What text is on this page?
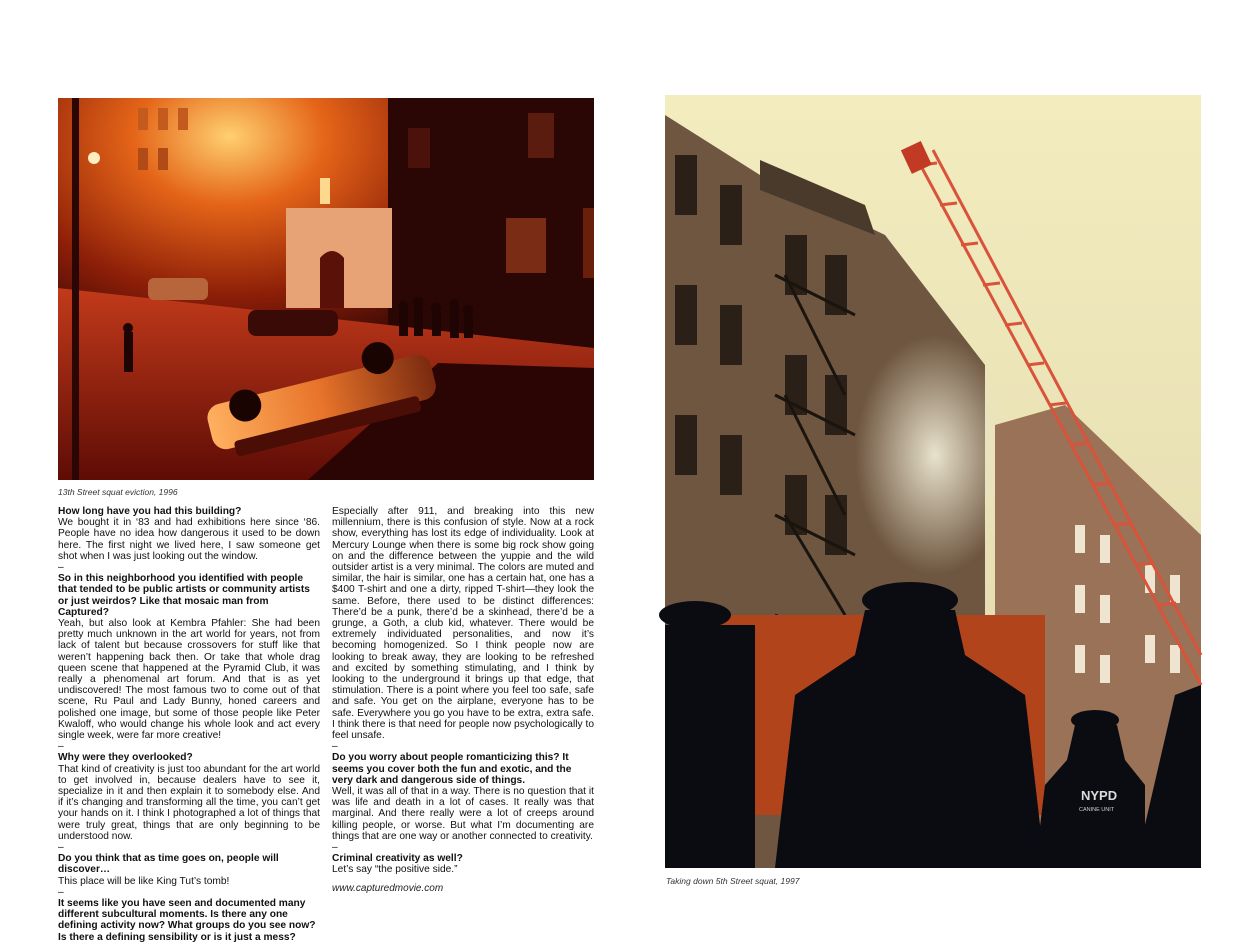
13th Street squat eviction, 1996
NYPD
CANINE UNIT
Taking down 5th Street squat, 1997

How long have you had this building?

We bought it in ‘83 and had exhibitions here since ‘86. People have no idea how dangerous it used to be down here. The first night we lived here, I saw someone get shot when I was just looking out the window.

–

So in this neighborhood you identified with people that tended to be public artists or community artists or just weirdos? Like that mosaic man from Captured?

Yeah, but also look at Kembra Pfahler: She had been pretty much unknown in the art world for years, not from lack of talent but because crossovers for stuff like that weren’t happening back then. Or take that whole drag queen scene that happened at the Pyramid Club, it was really a phenomenal art forum. And that is as yet undiscovered! The most famous two to come out of that scene, Ru Paul and Lady Bunny, honed careers and polished one image, but some of those people like Peter Kwaloff, who would change his whole look and act every single week, were far more creative!

–

Why were they overlooked?

That kind of creativity is just too abundant for the art world to get involved in, because dealers have to see it, specialize in it and then explain it to somebody else. And if it’s changing and transforming all the time, you can’t get your hands on it. I think I photographed a lot of things that were truly great, things that are only beginning to be understood now.

–

Do you think that as time goes on, people will discover…

This place will be like King Tut’s tomb!

–

It seems like you have seen and documented many different subcultural moments. Is there any one defining activity now? What groups do you see now? Is there a defining sensibility or is it just a mess?

Especially after 911, and breaking into this new millennium, there is this confusion of style. Now at a rock show, everything has lost its edge of individuality. Look at Mercury Lounge when there is some big rock show going on and the difference between the yuppie and the wild outsider artist is a very minimal. The colors are muted and similar, the hair is similar, one has a certain hat, one has a $400 T-shirt and one a dirty, ripped T-shirt—they look the same. Before, there used to be distinct differences: There’d be a punk, there’d be a skinhead, there’d be a grunge, a Goth, a club kid, whatever. There would be extremely individuated personalities, and now it’s becoming homogenized. So I think people now are looking to break away, they are looking to be refreshed and excited by something stimulating, and I think by looking to the underground it brings up that edge, that stimulation. There is a point where you feel too safe, safe and safe. You get on the airplane, everyone has to be safe. Everywhere you go you have to be extra, extra safe. I think there is that need for people now psychologically to feel unsafe.

–

Do you worry about people romanticizing this? It seems you cover both the fun and exotic, and the very dark and dangerous side of things.

Well, it was all of that in a way. There is no question that it was life and death in a lot of cases. It really was that marginal. And there really were a lot of creeps around killing people, or worse. But what I’m documenting are things that are one way or another connected to creativity.

–

Criminal creativity as well?

Let’s say “the positive side.”

www.capturedmovie.com
